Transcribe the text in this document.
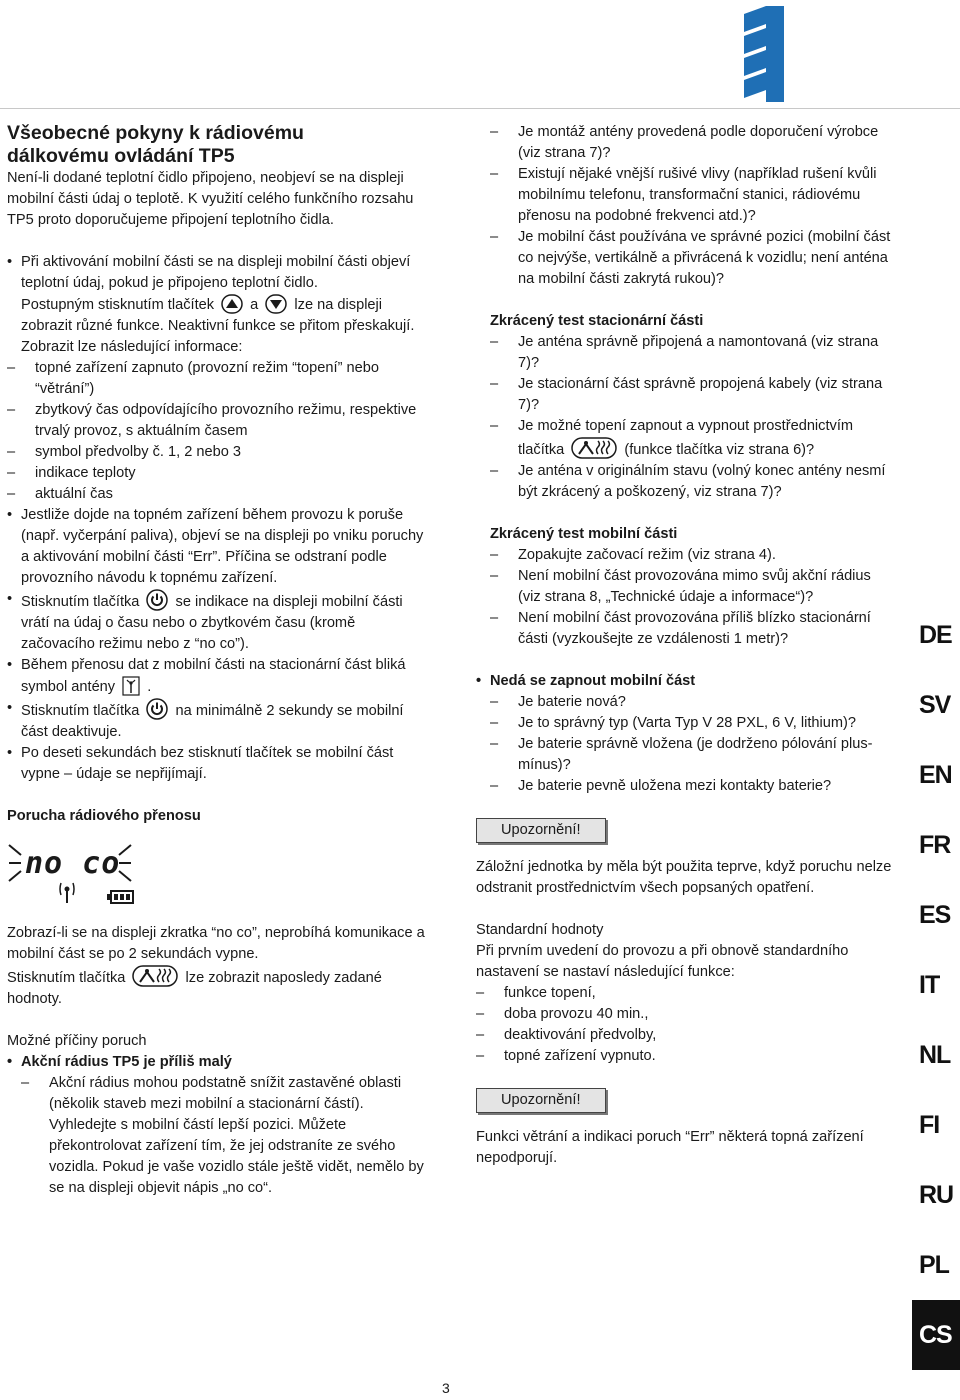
Všeobecné pokyny k rádiovému
dálkovému ovládání TP5

Není-li dodané teplotní čidlo připojeno, neobjeví se na displeji mobilní části údaj o teplotě. K využití celého funkčního rozsahu TP5 proto doporučujeme připojení teplotního čidla.

• Při aktivování mobilní části se na displeji mobilní části objeví teplotní údaj, pokud je připojeno teplotní čidlo.
Postupným stisknutím tlačítek a lze na displeji zobrazit různé funkce. Neaktivní funkce se přitom přeskakují.
Zobrazit lze následující informace:
– topné zařízení zapnuto (provozní režim “topení” nebo “větrání”)
– zbytkový čas odpovídajícího provozního režimu, respektive trvalý provoz, s aktuálním časem
– symbol předvolby č. 1, 2 nebo 3
– indikace teploty
– aktuální čas
• Jestliže dojde na topném zařízení během provozu k poruše (např. vyčerpání paliva), objeví se na displeji po vniku poruchy a aktivování mobilní části “Err”. Příčina se odstraní podle provozního návodu k topnému zařízení.
• Stisknutím tlačítka se indikace na displeji mobilní části vrátí na údaj o času nebo o zbytkovém času (kromě začovacího režimu nebo z “no co”).
• Během přenosu dat z mobilní části na stacionární část bliká symbol antény .
• Stisknutím tlačítka na minimálně 2 sekundy se mobilní část deaktivuje.
• Po deseti sekundách bez stisknutí tlačítek se mobilní část vypne – údaje se nepřijímají.
Porucha rádiového přenosu
no co

Zobrazí-li se na displeji zkratka “no co”, neprobíhá komunikace a mobilní část se po 2 sekundách vypne.

Stisknutím tlačítka	lze zobrazit naposledy zadané hodnoty.

Možné příčiny poruch
• Akční rádius TP5 je příliš malý
– Akční rádius mohou podstatně snížit zastavěné oblasti (několik staveb mezi mobilní a stacionární částí). Vyhledejte s mobilní částí lepší pozici. Můžete překontrolovat zařízení tím, že jej odstraníte ze svého vozidla. Pokud je vaše vozidlo stále ještě vidět, nemělo by se na displeji objevit nápis „no co“.
– Je montáž antény provedená podle doporučení výrobce (viz strana 7)?
– Existují nějaké vnější rušivé vlivy (například rušení kvůli mobilnímu telefonu, transformační stanici, rádiovému přenosu na podobné frekvenci atd.)?
– Je mobilní část používána ve správné pozici (mobilní část co nejvýše, vertikálně a přivrácená k vozidlu; není anténa na mobilní části zakrytá rukou)?
Zkrácený test stacionární části
– Je anténa správně připojená a namontovaná (viz strana 7)?
– Je stacionární část správně propojená kabely (viz strana 7)?
– Je možné topení zapnout a vypnout prostřednictvím tlačítka	(funkce tlačítka viz strana 6)?
– Je anténa v originálním stavu (volný konec antény nesmí být zkrácený a poškozený, viz strana 7)?
Zkrácený test mobilní části
– Zopakujte začovací režim (viz strana 4).
– Není mobilní část provozována mimo svůj akční rádius (viz strana 8, „Technické údaje a informace“)?
– Není mobilní část provozována příliš blízko stacionární části (vyzkoušejte ze vzdálenosti 1 metr)?
• Nedá se zapnout mobilní část
– Je baterie nová?
– Je to správný typ (Varta Typ V 28 PXL, 6 V, lithium)?
– Je baterie správně vložena (je dodrženo pólování plus-mínus)?
– Je baterie pevně uložena mezi kontakty baterie?
Upozornění!

Záložní jednotka by měla být použita teprve, když poruchu nelze odstranit prostřednictvím všech popsaných opatření.

Standardní hodnoty

Při prvním uvedení do provozu a při obnově standardního nastavení se nastaví následující funkce:

– funkce topení,
– doba provozu 40 min.,
– deaktivování předvolby,
– topné zařízení vypnuto.
Upozornění!

Funkci větrání a indikaci poruch “Err” některá topná zařízení nepodporují.

DE
SV
EN
FR
ES
IT
NL
FI
RU
PL
CS
3
